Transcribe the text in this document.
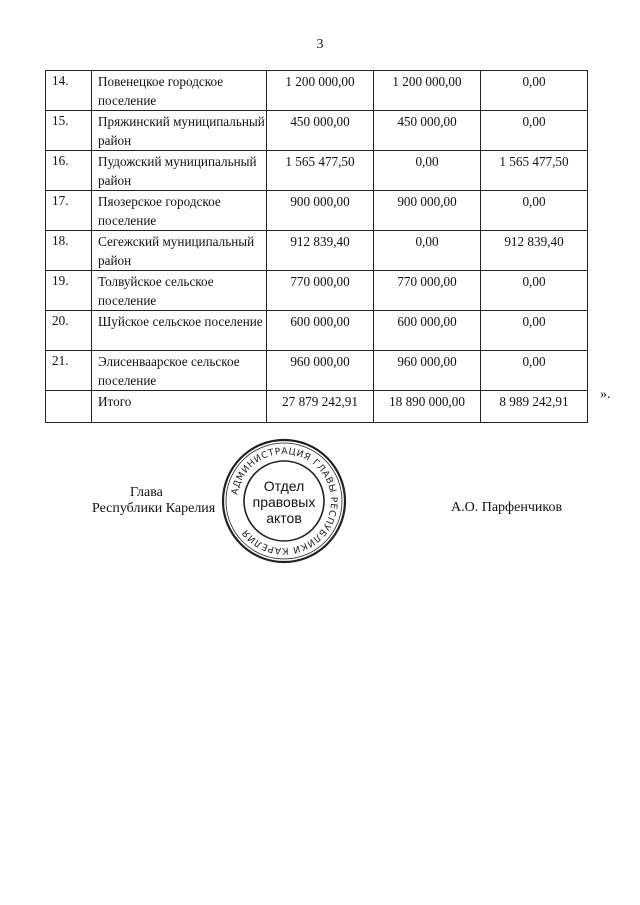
3
14.	Повенецкое городское поселение	1 200 000,00	1 200 000,00	0,00
15.	Пряжинский муниципальный район	450 000,00	450 000,00	0,00
16.	Пудожский муниципальный район	1 565 477,50	0,00	1 565 477,50
17.	Пяозерское городское поселение	900 000,00	900 000,00	0,00
18.	Сегежский муниципальный район	912 839,40	0,00	912 839,40
19.	Толвуйское сельское поселение	770 000,00	770 000,00	0,00
20.	Шуйское сельское поселение	600 000,00	600 000,00	0,00
21.	Элисенваарское сельское поселение	960 000,00	960 000,00	0,00
	Итого	27 879 242,91	18 890 000,00	8 989 242,91 ».
Глава
Республики Карелия	А.О. Парфенчиков
АДМИНИСТРАЦИЯ ГЛАВЫ РЕСПУБЛИКИ КАРЕЛИЯ
Отдел
правовых
актов
